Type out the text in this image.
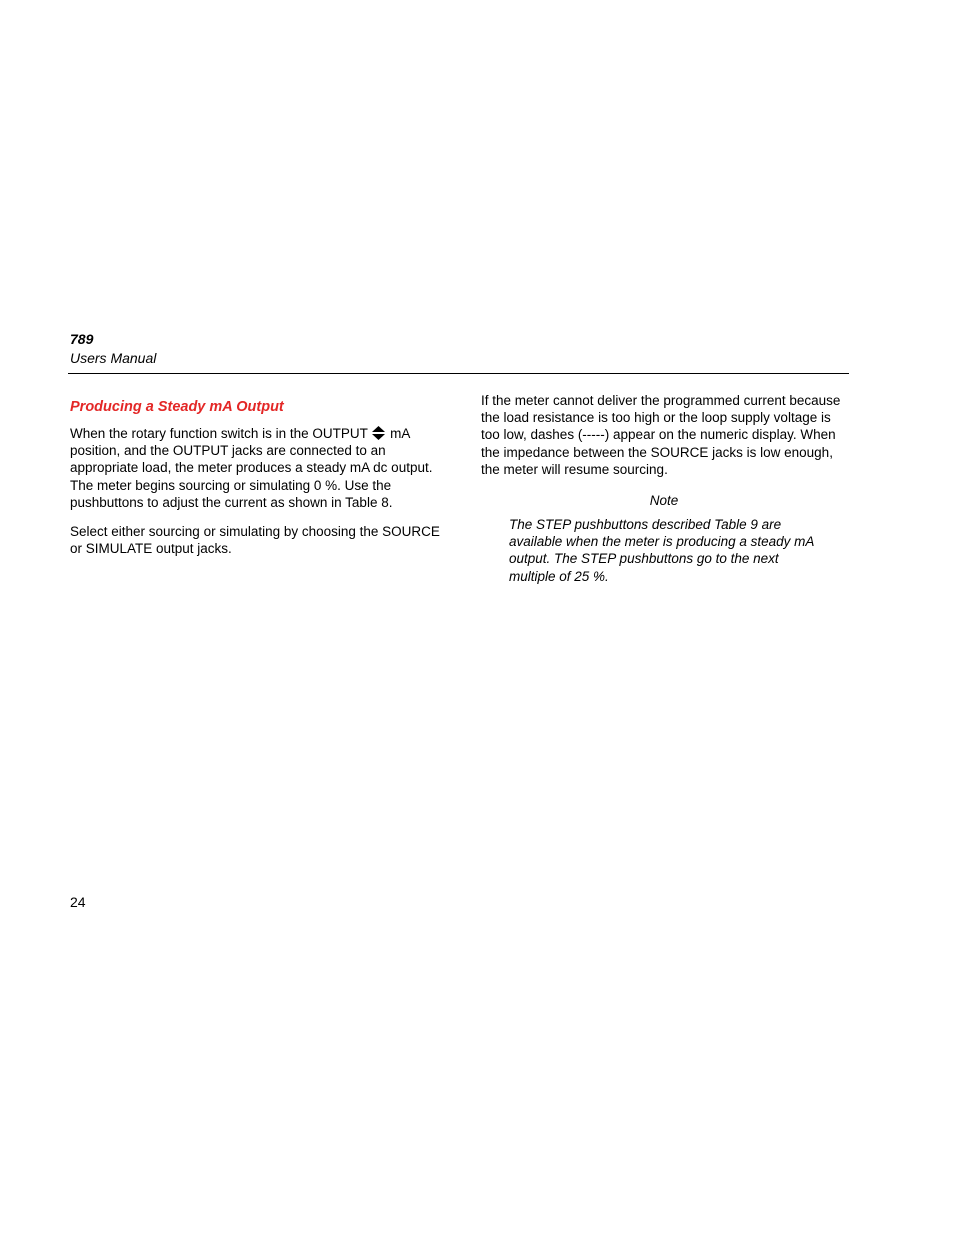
789
Users Manual
Producing a Steady mA Output

When the rotary function switch is in the OUTPUT  mA position, and the OUTPUT jacks are connected to an appropriate load, the meter produces a steady mA dc output. The meter begins sourcing or simulating 0 %. Use the pushbuttons to adjust the current as shown in Table 8.

Select either sourcing or simulating by choosing the SOURCE or SIMULATE output jacks.

If the meter cannot deliver the programmed current because the load resistance is too high or the loop supply voltage is too low, dashes (-----) appear on the numeric display. When the impedance between the SOURCE jacks is low enough, the meter will resume sourcing.

Note
The STEP pushbuttons described Table 9 are available when the meter is producing a steady mA output. The STEP pushbuttons go to the next multiple of 25 %.
24
